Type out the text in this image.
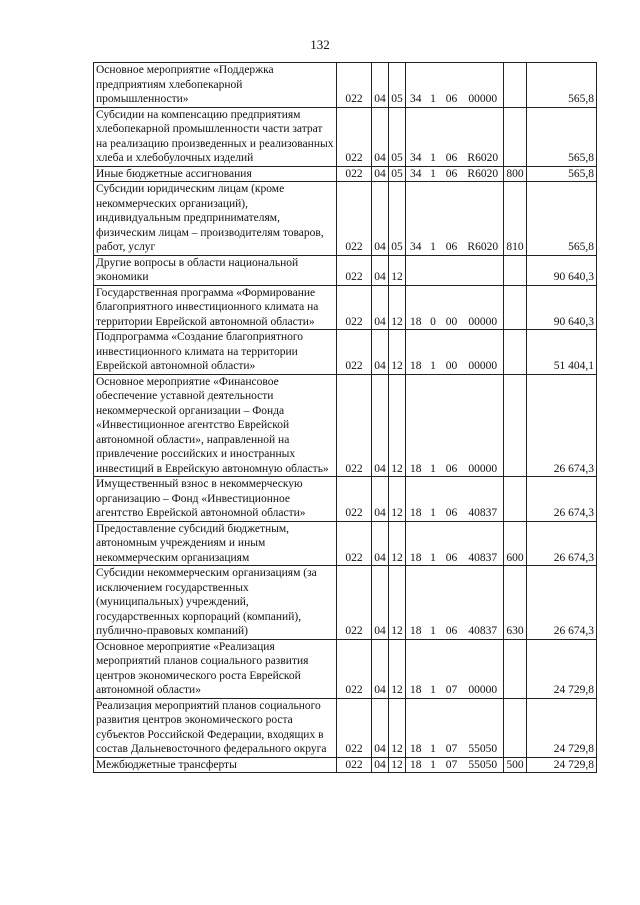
132
Основное мероприятие «Поддержка предприятиям хлебопекарной промышленности»	022	04	05	34	1	06	00000		565,8
Субсидии на компенсацию предприятиям хлебопекарной промышленности части затрат на реализацию произведенных и реализованных хлеба и хлебобулочных изделий	022	04	05	34	1	06	R6020		565,8
Иные бюджетные ассигнования	022	04	05	34	1	06	R6020	800	565,8
Субсидии юридическим лицам (кроме некоммерческих организаций), индивидуальным предпринимателям, физическим лицам – производителям товаров, работ, услуг	022	04	05	34	1	06	R6020	810	565,8
Другие вопросы в области национальной экономики	022	04	12						90 640,3
Государственная программа «Формирование благоприятного инвестиционного климата на территории Еврейской автономной области»	022	04	12	18	0	00	00000		90 640,3
Подпрограмма «Создание благоприятного инвестиционного климата на территории Еврейской автономной области»	022	04	12	18	1	00	00000		51 404,1
Основное мероприятие «Финансовое обеспечение уставной деятельности некоммерческой организации – Фонда «Инвестиционное агентство Еврейской автономной области», направленной на привлечение российских и иностранных инвестиций в Еврейскую автономную область»	022	04	12	18	1	06	00000		26 674,3
Имущественный взнос в некоммерческую организацию – Фонд «Инвестиционное агентство Еврейской автономной области»	022	04	12	18	1	06	40837		26 674,3
Предоставление субсидий бюджетным, автономным учреждениям и иным некоммерческим организациям	022	04	12	18	1	06	40837	600	26 674,3
Субсидии некоммерческим организациям (за исключением государственных (муниципальных) учреждений, государственных корпораций (компаний), публично-правовых компаний)	022	04	12	18	1	06	40837	630	26 674,3
Основное мероприятие «Реализация мероприятий планов социального развития центров экономического роста Еврейской автономной области»	022	04	12	18	1	07	00000		24 729,8
Реализация мероприятий планов социального развития центров экономического роста субъектов Российской Федерации, входящих в состав Дальневосточного федерального округа	022	04	12	18	1	07	55050		24 729,8
Межбюджетные трансферты	022	04	12	18	1	07	55050	500	24 729,8
